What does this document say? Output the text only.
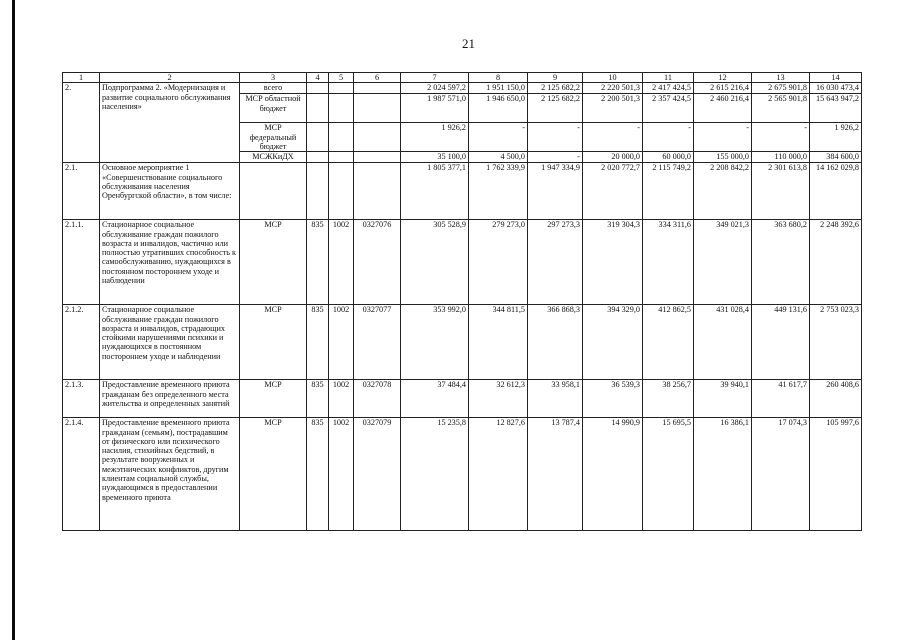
21
1	2	3	4	5	6	7	8	9	10	11	12	13	14
2.	Подпрограмма 2. «Модернизация и развитие социального обслуживания населения»	всего				2 024 597,2	1 951 150,0	2 125 682,2	2 220 501,3	2 417 424,5	2 615 216,4	2 675 901,8	16 030 473,4
		МСР областной бюджет				1 987 571,0	1 946 650,0	2 125 682,2	2 200 501,3	2 357 424,5	2 460 216,4	2 565 901,8	15 643 947,2
		МСР федеральный бюджет				1 926,2	-	-	-	-	-	-	1 926,2
		МСЖКиДХ				35 100,0	4 500,0	-	20 000,0	60 000,0	155 000,0	110 000,0	384 600,0
2.1.	Основное мероприятие 1 «Совершенствование социального обслуживания населения Оренбургской области», в том числе:					1 805 377,1	1 762 339,9	1 947 334,9	2 020 772,7	2 115 749,2	2 208 842,2	2 301 613,8	14 162 029,8
2.1.1.	Стационарное социальное обслуживание граждан пожилого возраста и инвалидов, частично или полностью утративших способность к самообслуживанию, нуждающихся в постоянном постороннем уходе и наблюдении	МСР	835	1002	0327076	305 528,9	279 273,0	297 273,3	319 304,3	334 311,6	349 021,3	363 680,2	2 248 392,6
2.1.2.	Стационарное социальное обслуживание граждан пожилого возраста и инвалидов, страдающих стойкими нарушениями психики и нуждающихся в постоянном постороннем уходе и наблюдении	МСР	835	1002	0327077	353 992,0	344 811,5	366 868,3	394 329,0	412 862,5	431 028,4	449 131,6	2 753 023,3
2.1.3.	Предоставление временного приюта гражданам без определенного места жительства и определенных занятий	МСР	835	1002	0327078	37 484,4	32 612,3	33 958,1	36 539,3	38 256,7	39 940,1	41 617,7	260 408,6
2.1.4.	Предоставление временного приюта гражданам (семьям), пострадавшим от физического или психического насилия, стихийных бедствий, в результате вооруженных и межэтнических конфликтов, другим клиентам социальной службы, нуждающимся в предоставлении временного приюта	МСР	835	1002	0327079	15 235,8	12 827,6	13 787,4	14 990,9	15 695,5	16 386,1	17 074,3	105 997,6
